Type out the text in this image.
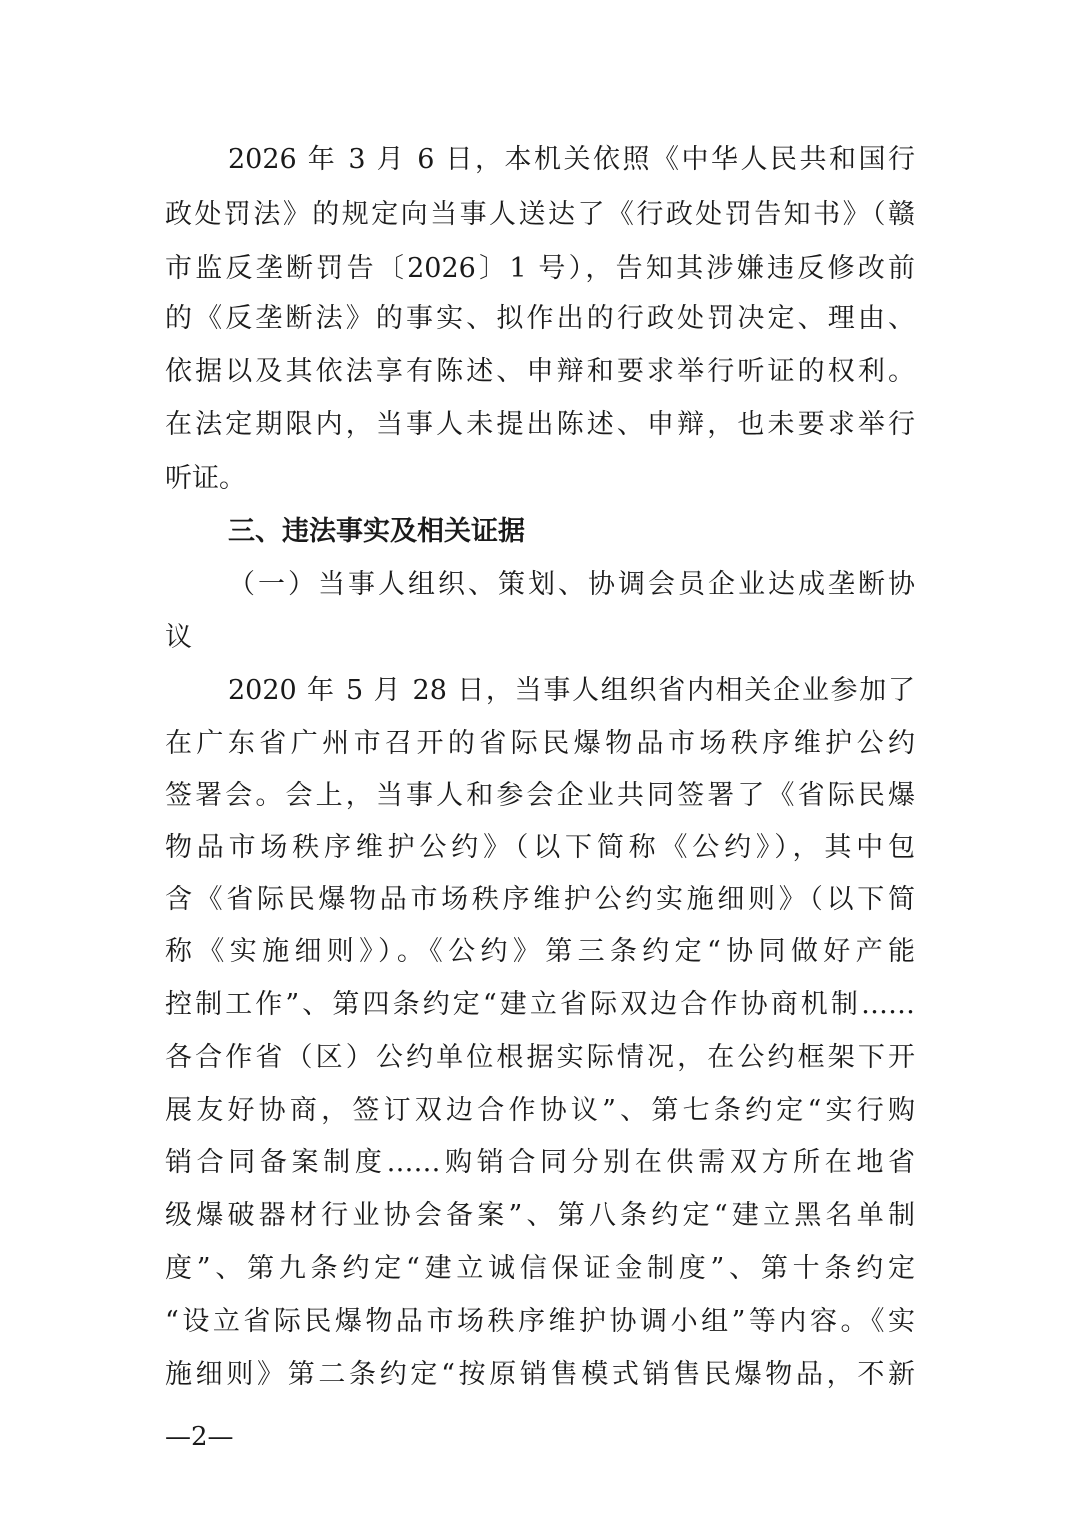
2026 年 3 月 6 日，本机关依照《中华人民共和国行
政处罚法》的规定向当事人送达了《行政处罚告知书》（赣
市监反垄断罚告〔2026〕1 号），告知其涉嫌违反修改前
的《反垄断法》的事实、拟作出的行政处罚决定、理由、
依据以及其依法享有陈述、申辩和要求举行听证的权利。
在法定期限内，当事人未提出陈述、申辩，也未要求举行
听证。
三、违法事实及相关证据
（一）当事人组织、策划、协调会员企业达成垄断协
议
2020 年 5 月 28 日，当事人组织省内相关企业参加了
在广东省广州市召开的省际民爆物品市场秩序维护公约
签署会。会上，当事人和参会企业共同签署了《省际民爆
物品市场秩序维护公约》（以下简称《公约》），其中包
含《省际民爆物品市场秩序维护公约实施细则》（以下简
称《实施细则》）。《公约》第三条约定“协同做好产能
控制工作”、第四条约定“建立省际双边合作协商机制……
各合作省（区）公约单位根据实际情况，在公约框架下开
展友好协商，签订双边合作协议”、第七条约定“实行购
销合同备案制度……购销合同分别在供需双方所在地省
级爆破器材行业协会备案”、第八条约定“建立黑名单制
度”、第九条约定“建立诚信保证金制度”、第十条约定
“设立省际民爆物品市场秩序维护协调小组”等内容。《实
施细则》第二条约定“按原销售模式销售民爆物品，不新
—2—
